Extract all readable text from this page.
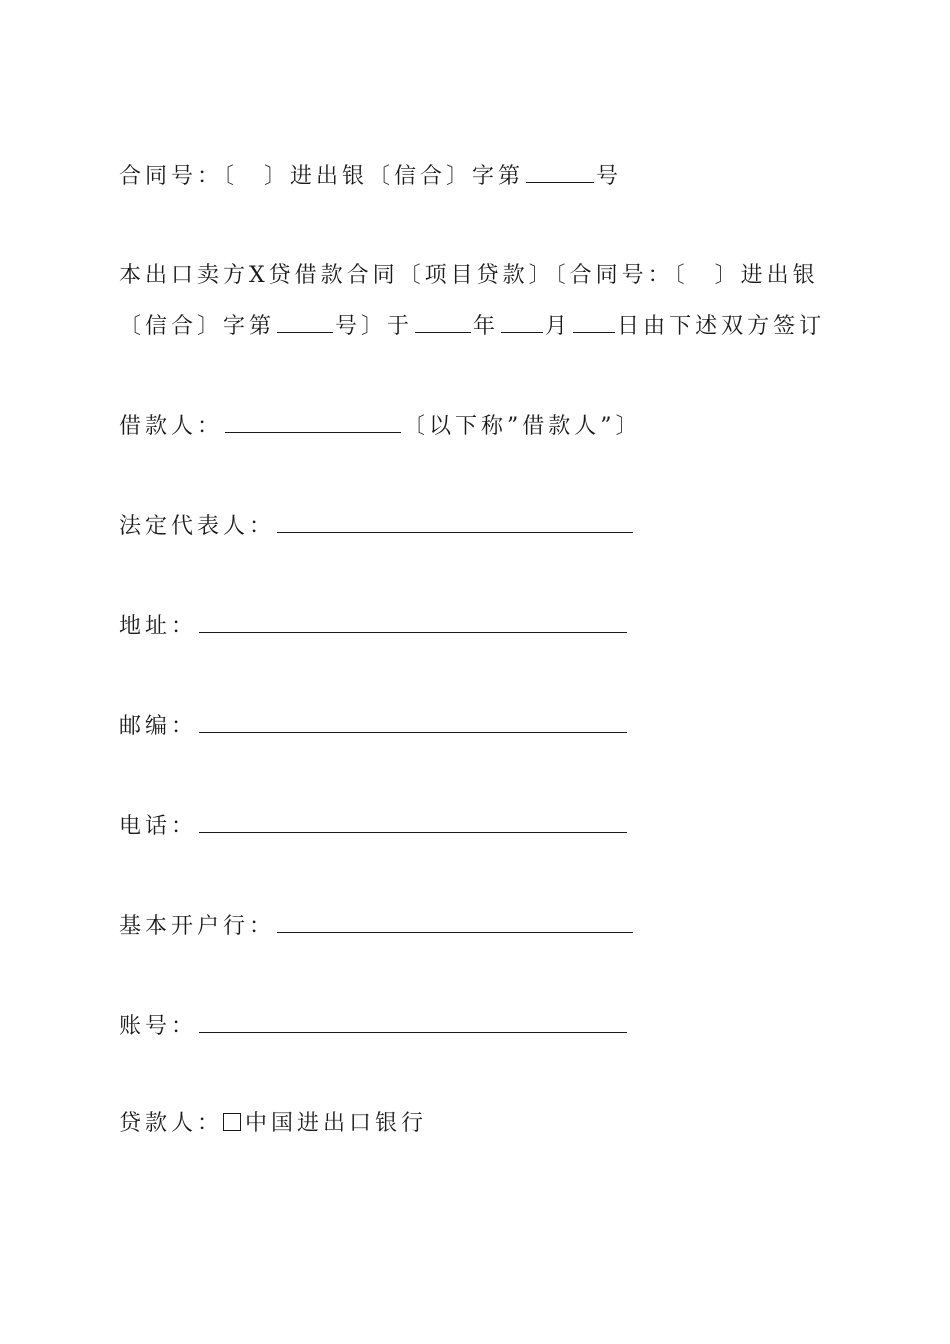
合同号：〔　〕进出银〔信合〕字第	号
本出口卖方X贷借款合同〔项目贷款〕〔合同号：〔　〕进出银
〔信合〕字第	号〕于	年 月 日由下述双方签订
借款人：	〔以下称”借款人”〕
法定代表人：
地址：
邮编：
电话：
基本开户行：
账号：
贷款人： 中国进出口银行
